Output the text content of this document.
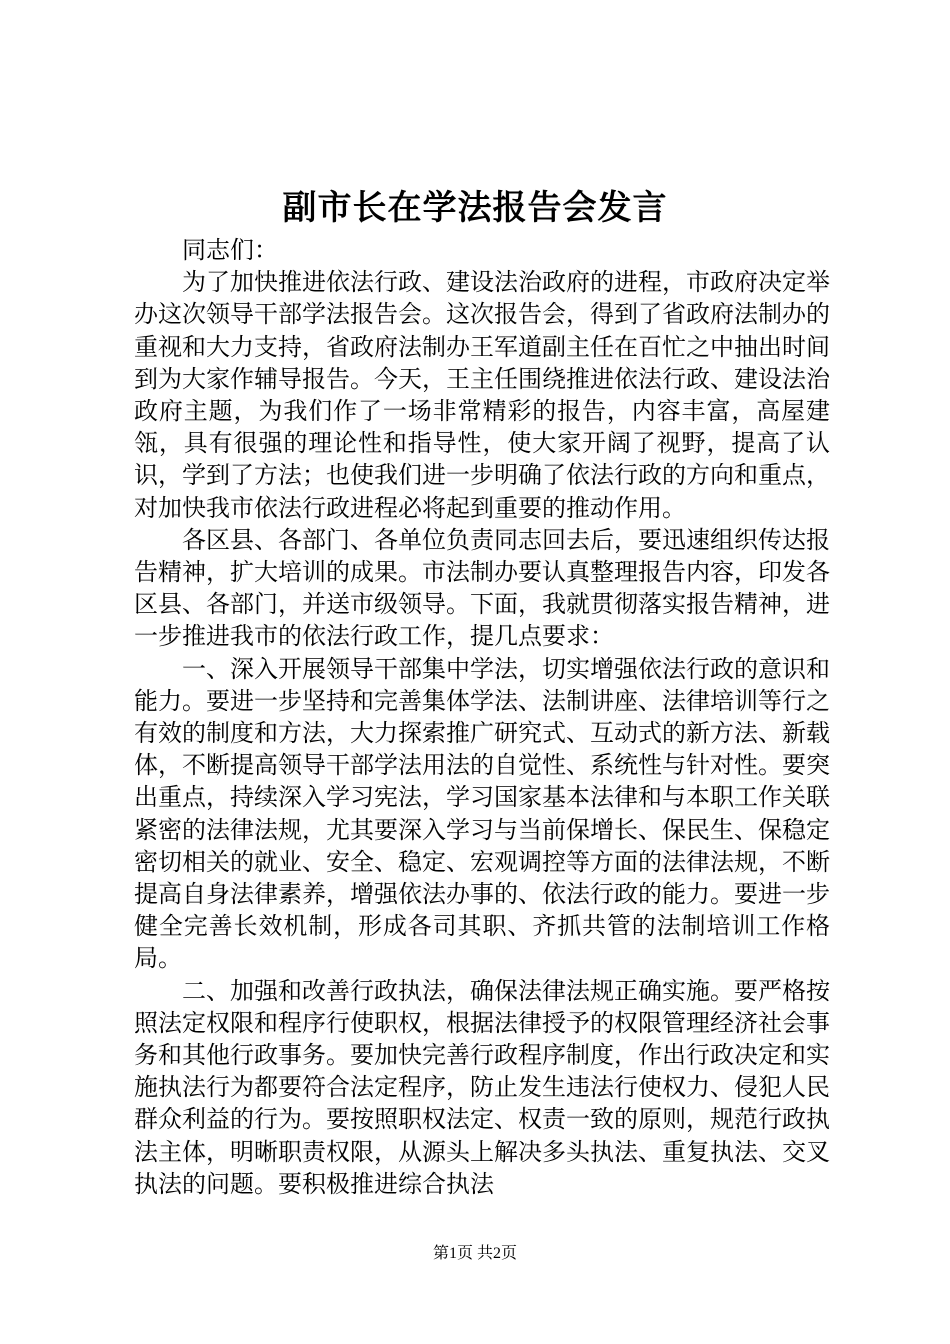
副市长在学法报告会发言

同志们：

为了加快推进依法行政、建设法治政府的进程，市政府决定举办这次领导干部学法报告会。这次报告会，得到了省政府法制办的重视和大力支持，省政府法制办王军道副主任在百忙之中抽出时间到为大家作辅导报告。今天，王主任围绕推进依法行政、建设法治政府主题，为我们作了一场非常精彩的报告，内容丰富，高屋建瓴，具有很强的理论性和指导性，使大家开阔了视野，提高了认识，学到了方法；也使我们进一步明确了依法行政的方向和重点，对加快我市依法行政进程必将起到重要的推动作用。

各区县、各部门、各单位负责同志回去后，要迅速组织传达报告精神，扩大培训的成果。市法制办要认真整理报告内容，印发各区县、各部门，并送市级领导。下面，我就贯彻落实报告精神，进一步推进我市的依法行政工作，提几点要求：

一、深入开展领导干部集中学法，切实增强依法行政的意识和能力。要进一步坚持和完善集体学法、法制讲座、法律培训等行之有效的制度和方法，大力探索推广研究式、互动式的新方法、新载体，不断提高领导干部学法用法的自觉性、系统性与针对性。要突出重点，持续深入学习宪法，学习国家基本法律和与本职工作关联紧密的法律法规，尤其要深入学习与当前保增长、保民生、保稳定密切相关的就业、安全、稳定、宏观调控等方面的法律法规，不断提高自身法律素养，增强依法办事的、依法行政的能力。要进一步健全完善长效机制，形成各司其职、齐抓共管的法制培训工作格局。

二、加强和改善行政执法，确保法律法规正确实施。要严格按照法定权限和程序行使职权，根据法律授予的权限管理经济社会事务和其他行政事务。要加快完善行政程序制度，作出行政决定和实施执法行为都要符合法定程序，防止发生违法行使权力、侵犯人民群众利益的行为。要按照职权法定、权责一致的原则，规范行政执法主体，明晰职责权限，从源头上解决多头执法、重复执法、交叉执法的问题。要积极推进综合执法

第1页 共2页
